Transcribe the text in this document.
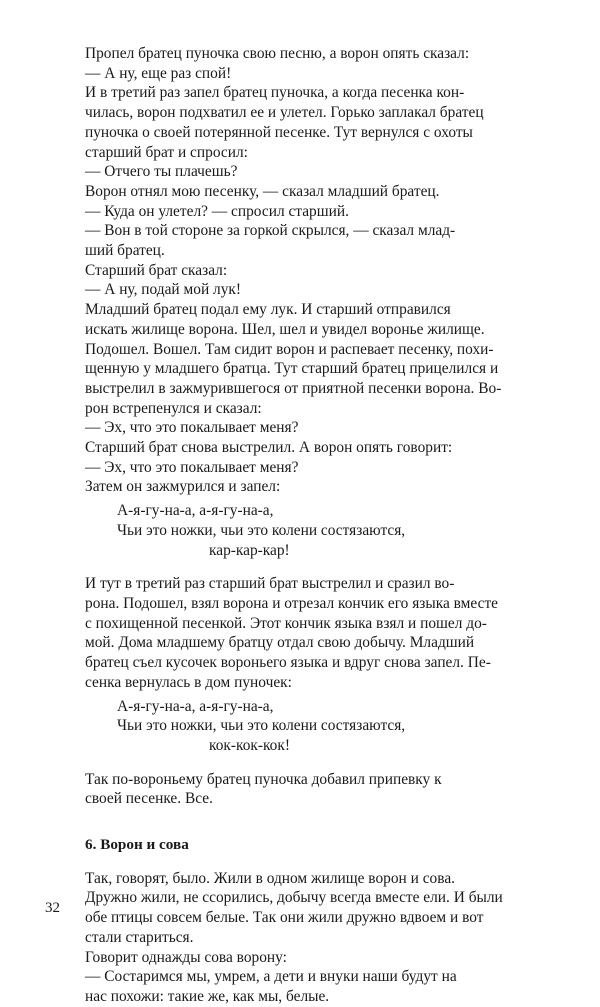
Пропел братец пуночка свою песню, а ворон опять сказал:
— А ну, еще раз спой!
И в третий раз запел братец пуночка, а когда песенка кон-
чилась, ворон подхватил ее и улетел. Горько заплакал братец
пуночка о своей потерянной песенке. Тут вернулся с охоты
старший брат и спросил:
— Отчего ты плачешь?
Ворон отнял мою песенку, — сказал младший братец.
— Куда он улетел? — спросил старший.
— Вон в той стороне за горкой скрылся, — сказал млад-
ший братец.
Старший брат сказал:
— А ну, подай мой лук!
Младший братец подал ему лук. И старший отправился
искать жилище ворона. Шел, шел и увидел воронье жилище.
Подошел. Вошел. Там сидит ворон и распевает песенку, похи-
щенную у младшего братца. Тут старший братец прицелился и
выстрелил в зажмурившегося от приятной песенки ворона. Во-
рон встрепенулся и сказал:
— Эх, что это покалывает меня?
Старший брат снова выстрелил. А ворон опять говорит:
— Эх, что это покалывает меня?
Затем он зажмурился и запел:
А-я-гу-на-а, а-я-гу-на-а,
Чьи это ножки, чьи это колени состязаются,
кар-кар-кар!
И тут в третий раз старший брат выстрелил и сразил во-
рона. Подошел, взял ворона и отрезал кончик его языка вместе
с похищенной песенкой. Этот кончик языка взял и пошел до-
мой. Дома младшему братцу отдал свою добычу. Младший
братец съел кусочек вороньего языка и вдруг снова запел. Пе-
сенка вернулась в дом пуночек:
А-я-гу-на-а, а-я-гу-на-а,
Чьи это ножки, чьи это колени состязаются,
кок-кок-кок!
Так по-вороньему братец пуночка добавил припевку к
своей песенке. Все.
6. Ворон и сова
Так, говорят, было. Жили в одном жилище ворон и сова.
Дружно жили, не ссорились, добычу всегда вместе ели. И были
обе птицы совсем белые. Так они жили дружно вдвоем и вот
стали стариться.
Говорит однажды сова ворону:
— Состаримся мы, умрем, а дети и внуки наши будут на
нас похожи: такие же, как мы, белые.
32
